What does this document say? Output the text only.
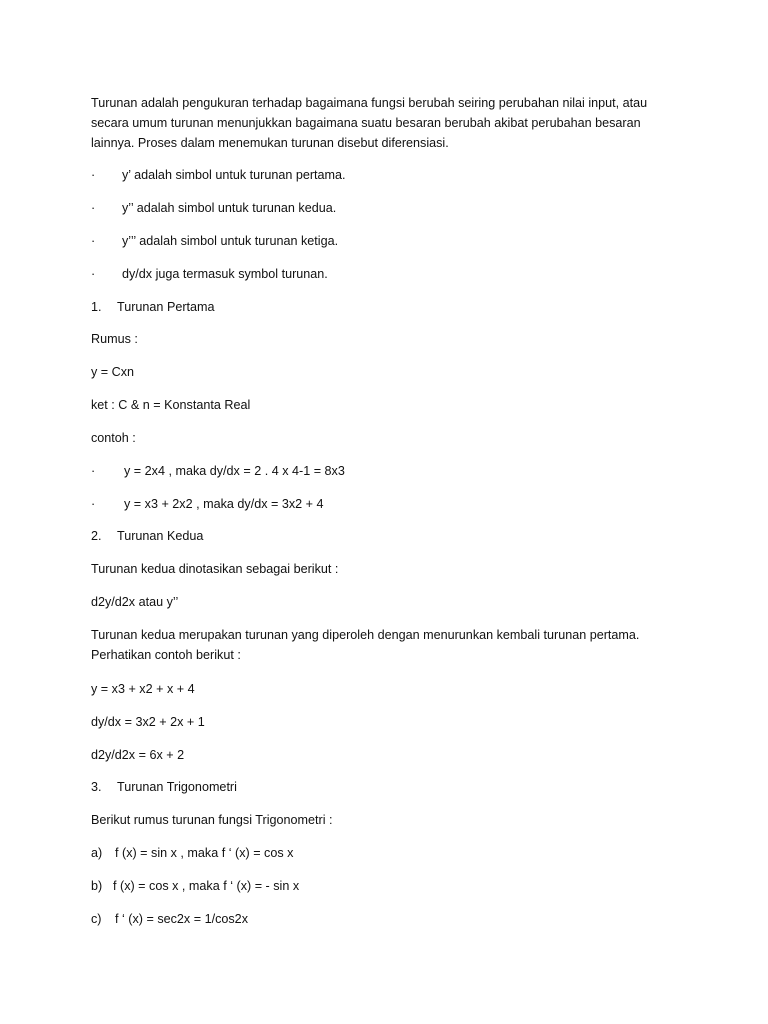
Turunan adalah pengukuran terhadap bagaimana fungsi berubah seiring perubahan nilai input, atau secara umum turunan menunjukkan bagaimana suatu besaran berubah akibat perubahan besaran lainnya. Proses dalam menemukan turunan disebut diferensiasi.
· y’ adalah simbol untuk turunan pertama.
· y’’ adalah simbol untuk turunan kedua.
· y’’’ adalah simbol untuk turunan ketiga.
· dy/dx juga termasuk symbol turunan.
1. Turunan Pertama
Rumus :
y = Cxn
ket : C & n = Konstanta Real
contoh :
· y = 2x4 , maka dy/dx = 2 . 4 x 4-1 = 8x3
· y = x3 + 2x2 , maka dy/dx = 3x2 + 4
2. Turunan Kedua
Turunan kedua dinotasikan sebagai berikut :
d2y/d2x atau y’’
Turunan kedua merupakan turunan yang diperoleh dengan menurunkan kembali turunan pertama.
Perhatikan contoh berikut :
y = x3 + x2 + x + 4
dy/dx = 3x2 + 2x + 1
d2y/d2x = 6x + 2
3. Turunan Trigonometri
Berikut rumus turunan fungsi Trigonometri :
a) f (x) = sin x , maka f ‘ (x) = cos x
b) f (x) = cos x , maka f ‘ (x) = - sin x
c) f ‘ (x) = sec2x = 1/cos2x
